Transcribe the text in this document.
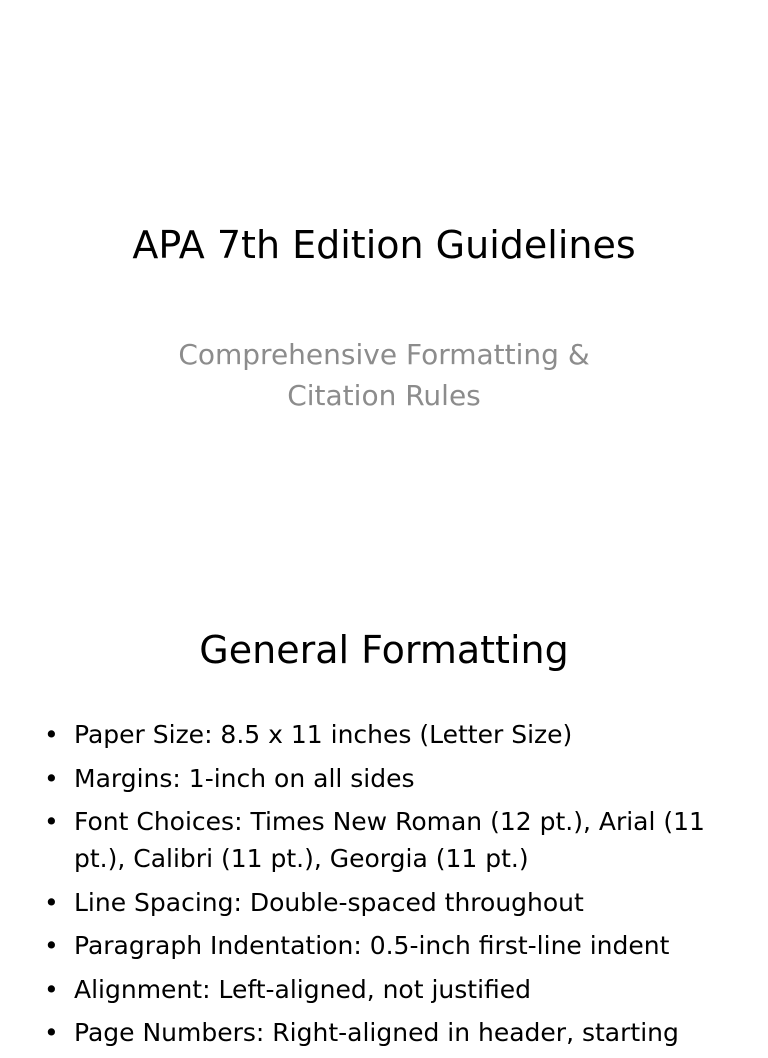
APA 7th Edition Guidelines
Comprehensive Formatting &
Citation Rules
General Formatting
• Paper Size: 8.5 x 11 inches (Letter Size)
• Margins: 1-inch on all sides
• Font Choices: Times New Roman (12 pt.), Arial (11
pt.), Calibri (11 pt.), Georgia (11 pt.)
• Line Spacing: Double-spaced throughout
• Paragraph Indentation: 0.5-inch first-line indent
• Alignment: Left-aligned, not justified
• Page Numbers: Right-aligned in header, starting
